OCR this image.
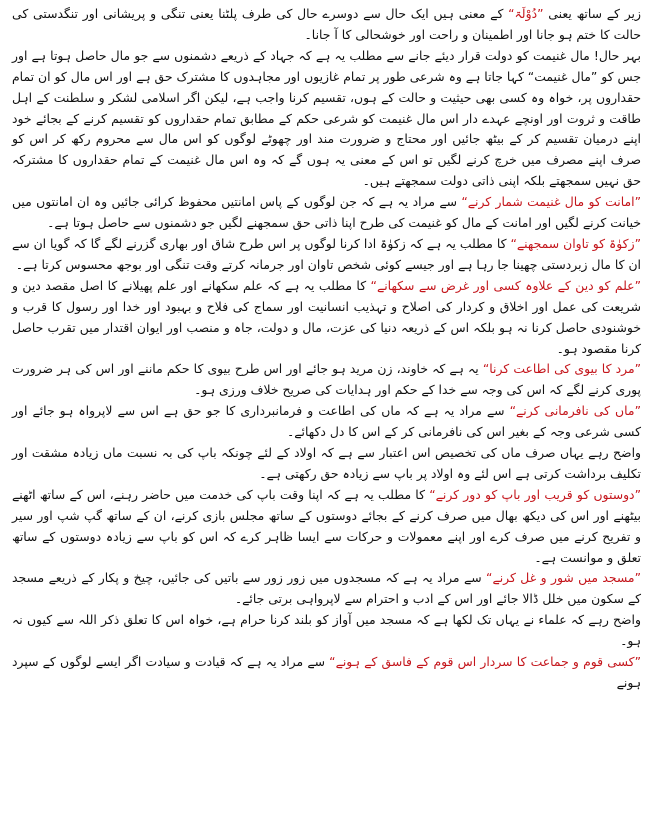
زیر کے ساتھ یعنی ”دُوْلَۃ“ کے معنی ہیں ایک حال سے دوسرے حال کی طرف پلٹنا یعنی تنگی و پریشانی اور تنگدستی کی حالت کا ختم ہو جانا اور اطمینان و راحت اور خوشحالی کا آ جانا۔

بہر حال! مال غنیمت کو دولت قرار دیئے جانے سے مطلب یہ ہے کہ جہاد کے ذریعے دشمنوں سے جو مال حاصل ہوتا ہے اور جس کو ”مال غنیمت“ کہا جاتا ہے وہ شرعی طور پر تمام غازیوں اور مجاہدوں کا مشترک حق ہے اور اس مال کو ان تمام حقداروں پر، خواہ وہ کسی بھی حیثیت و حالت کے ہوں، تقسیم کرنا واجب ہے، لیکن اگر اسلامی لشکر و سلطنت کے اہل طاقت و ثروت اور اونچے عہدے دار اس مال غنیمت کو شرعی حکم کے مطابق تمام حقداروں کو تقسیم کرنے کے بجائے خود اپنے درمیان تقسیم کر کے بیٹھ جائیں اور محتاج و ضرورت مند اور چھوٹے لوگوں کو اس مال سے محروم رکھ کر اس کو صرف اپنے مصرف میں خرچ کرنے لگیں تو اس کے معنی یہ ہوں گے کہ وہ اس مال غنیمت کے تمام حقداروں کا مشترکہ حق نہیں سمجھتے بلکہ اپنی ذاتی دولت سمجھتے ہیں۔

”امانت کو مال غنیمت شمار کرنے“ سے مراد یہ ہے کہ جن لوگوں کے پاس امانتیں محفوظ کرائی جائیں وہ ان امانتوں میں خیانت کرنے لگیں اور امانت کے مال کو غنیمت کی طرح اپنا ذاتی حق سمجھنے لگیں جو دشمنوں سے حاصل ہوتا ہے۔

”زکوٰۃ کو تاوان سمجھنے“ کا مطلب یہ ہے کہ زکوٰۃ ادا کرنا لوگوں پر اس طرح شاق اور بھاری گزرنے لگے گا کہ گویا ان سے ان کا مال زبردستی چھینا جا رہا ہے اور جیسے کوئی شخص تاوان اور جرمانہ کرتے وقت تنگی اور بوجھ محسوس کرتا ہے۔

”علم کو دین کے علاوہ کسی اور غرض سے سکھانے“ کا مطلب یہ ہے کہ علم سکھانے اور علم پھیلانے کا اصل مقصد دین و شریعت کی عمل اور اخلاق و کردار کی اصلاح و تہذیب انسانیت اور سماج کی فلاح و بہبود اور خدا اور رسول کا قرب و خوشنودی حاصل کرنا نہ ہو بلکہ اس کے ذریعہ دنیا کی عزت، مال و دولت، جاہ و منصب اور ایوان اقتدار میں تقرب حاصل کرنا مقصود ہو۔

”مرد کا بیوی کی اطاعت کرنا“ یہ ہے کہ خاوند، زن مرید ہو جائے اور اس طرح بیوی کا حکم ماننے اور اس کی ہر ضرورت پوری کرنے لگے کہ اس کی وجہ سے خدا کے حکم اور ہدایات کی صریح خلاف ورزی ہو۔

”ماں کی نافرمانی کرنے“ سے مراد یہ ہے کہ ماں کی اطاعت و فرمانبرداری کا جو حق ہے اس سے لاپرواہ ہو جائے اور کسی شرعی وجہ کے بغیر اس کی نافرمانی کر کے اس کا دل دکھائے۔

واضح رہے یہاں صرف ماں کی تخصیص اس اعتبار سے ہے کہ اولاد کے لئے چونکہ باپ کی بہ نسبت ماں زیادہ مشقت اور تکلیف برداشت کرتی ہے اس لئے وہ اولاد پر باپ سے زیادہ حق رکھتی ہے۔

”دوستوں کو قریب اور باپ کو دور کرنے“ کا مطلب یہ ہے کہ اپنا وقت باپ کی خدمت میں حاضر رہنے، اس کے ساتھ اٹھنے بیٹھنے اور اس کی دیکھ بھال میں صرف کرنے کے بجائے دوستوں کے ساتھ مجلس بازی کرنے، ان کے ساتھ گپ شپ اور سیر و تفریح کرنے میں صرف کرے اور اپنے معمولات و حرکات سے ایسا ظاہر کرے کہ اس کو باپ سے زیادہ دوستوں کے ساتھ تعلق و موانست ہے۔

”مسجد میں شور و غل کرنے“ سے مراد یہ ہے کہ مسجدوں میں زور زور سے باتیں کی جائیں، چیخ و پکار کے ذریعے مسجد کے سکون میں خلل ڈالا جائے اور اس کے ادب و احترام سے لاپرواہی برتی جائے۔

واضح رہے کہ علماء نے یہاں تک لکھا ہے کہ مسجد میں آواز کو بلند کرنا حرام ہے، خواہ اس کا تعلق ذکر اللہ سے کیوں نہ ہو۔

”کسی قوم و جماعت کا سردار اس قوم کے فاسق کے ہونے“ سے مراد یہ ہے کہ قیادت و سیادت اگر ایسے لوگوں کے سپرد ہونے
